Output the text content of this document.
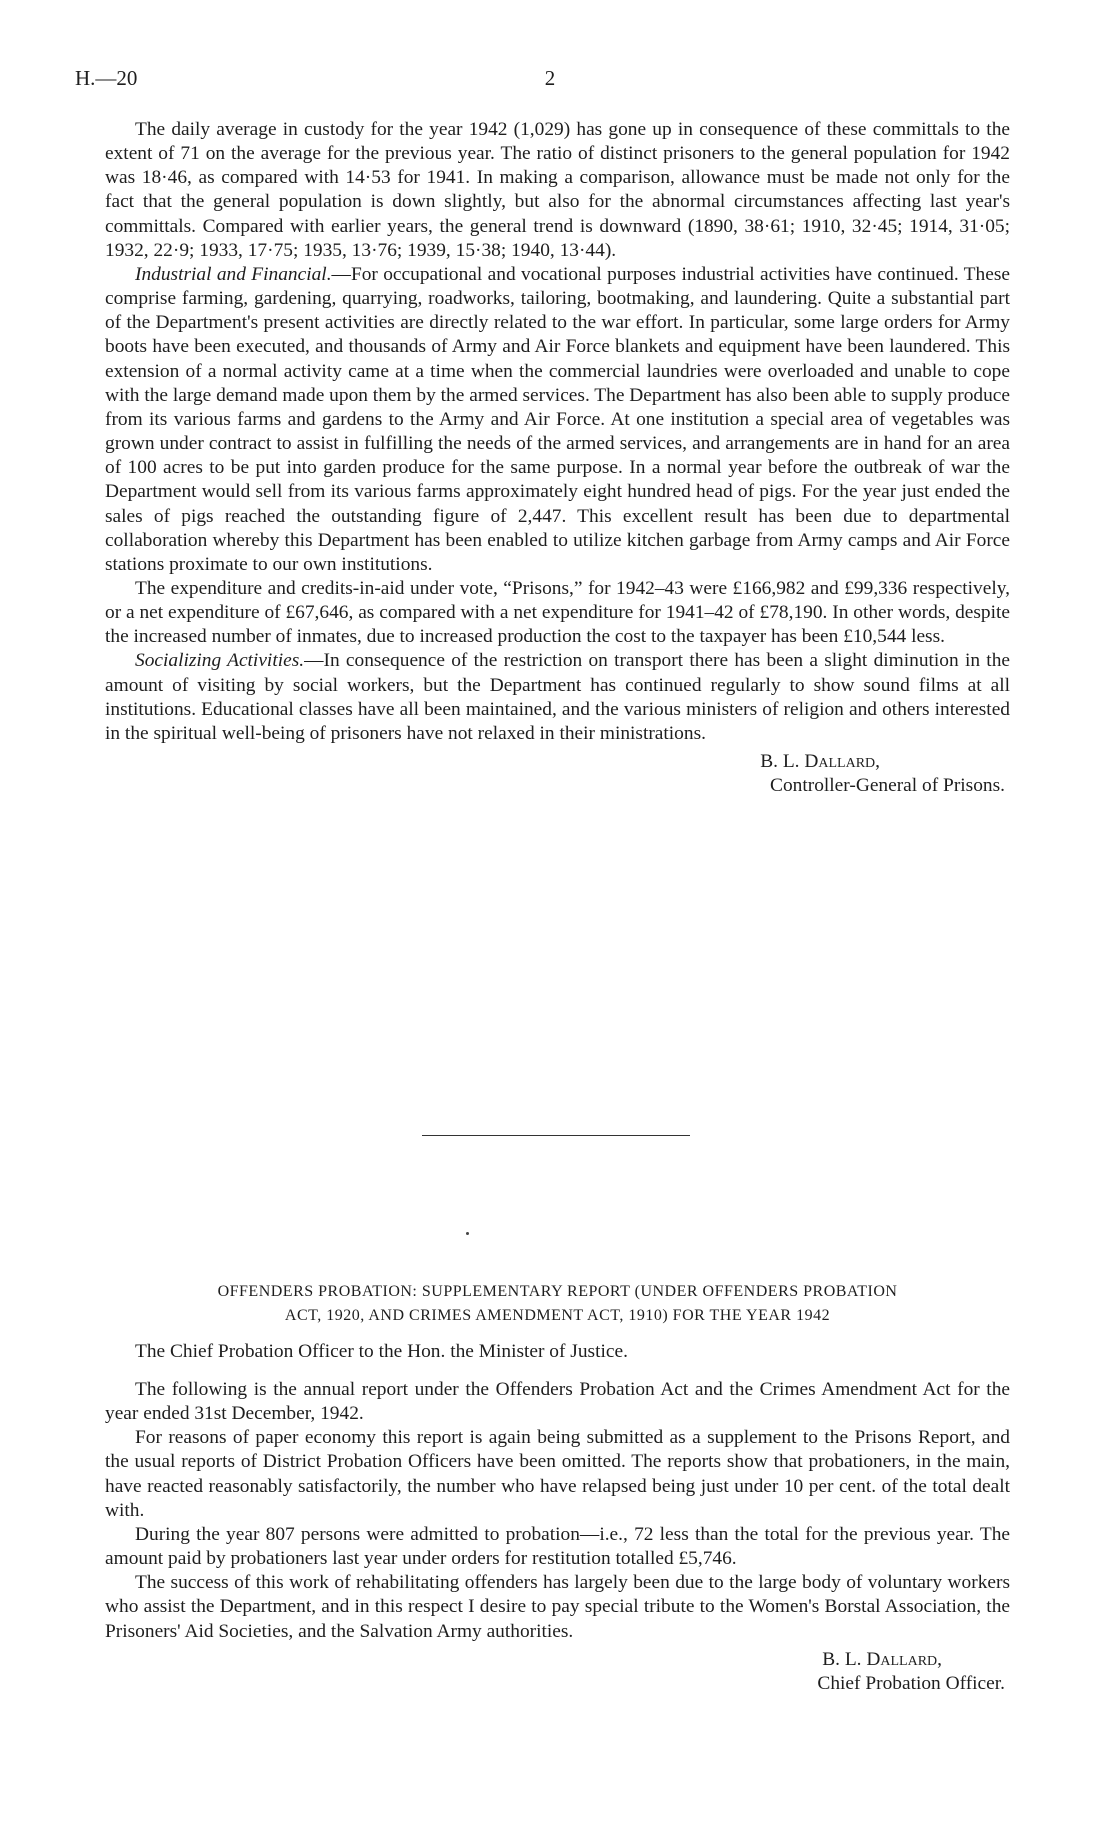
H.—20	2

The daily average in custody for the year 1942 (1,029) has gone up in consequence of these committals to the extent of 71 on the average for the previous year. The ratio of distinct prisoners to the general population for 1942 was 18·46, as compared with 14·53 for 1941. In making a comparison, allowance must be made not only for the fact that the general population is down slightly, but also for the abnormal circumstances affecting last year's committals. Compared with earlier years, the general trend is downward (1890, 38·61; 1910, 32·45; 1914, 31·05; 1932, 22·9; 1933, 17·75; 1935, 13·76; 1939, 15·38; 1940, 13·44).

Industrial and Financial.—For occupational and vocational purposes industrial activities have continued. These comprise farming, gardening, quarrying, roadworks, tailoring, bootmaking, and laundering. Quite a substantial part of the Department's present activities are directly related to the war effort. In particular, some large orders for Army boots have been executed, and thousands of Army and Air Force blankets and equipment have been laundered. This extension of a normal activity came at a time when the commercial laundries were overloaded and unable to cope with the large demand made upon them by the armed services. The Department has also been able to supply produce from its various farms and gardens to the Army and Air Force. At one institution a special area of vegetables was grown under contract to assist in fulfilling the needs of the armed services, and arrangements are in hand for an area of 100 acres to be put into garden produce for the same purpose. In a normal year before the outbreak of war the Department would sell from its various farms approximately eight hundred head of pigs. For the year just ended the sales of pigs reached the outstanding figure of 2,447. This excellent result has been due to departmental collaboration whereby this Department has been enabled to utilize kitchen garbage from Army camps and Air Force stations proximate to our own institutions.

The expenditure and credits-in-aid under vote, “Prisons,” for 1942–43 were £166,982 and £99,336 respectively, or a net expenditure of £67,646, as compared with a net expenditure for 1941–42 of £78,190. In other words, despite the increased number of inmates, due to increased production the cost to the taxpayer has been £10,544 less.

Socializing Activities.—In consequence of the restriction on transport there has been a slight diminution in the amount of visiting by social workers, but the Department has continued regularly to show sound films at all institutions. Educational classes have all been maintained, and the various ministers of religion and others interested in the spiritual well-being of prisoners have not relaxed in their ministrations.

B. L. Dallard,

Controller-General of Prisons.

OFFENDERS PROBATION: SUPPLEMENTARY REPORT (UNDER OFFENDERS PROBATION
ACT, 1920, AND CRIMES AMENDMENT ACT, 1910) FOR THE YEAR 1942
The Chief Probation Officer to the Hon. the Minister of Justice.

The following is the annual report under the Offenders Probation Act and the Crimes Amendment Act for the year ended 31st December, 1942.

For reasons of paper economy this report is again being submitted as a supplement to the Prisons Report, and the usual reports of District Probation Officers have been omitted. The reports show that probationers, in the main, have reacted reasonably satisfactorily, the number who have relapsed being just under 10 per cent. of the total dealt with.

During the year 807 persons were admitted to probation—i.e., 72 less than the total for the previous year. The amount paid by probationers last year under orders for restitution totalled £5,746.

The success of this work of rehabilitating offenders has largely been due to the large body of voluntary workers who assist the Department, and in this respect I desire to pay special tribute to the Women's Borstal Association, the Prisoners' Aid Societies, and the Salvation Army authorities.

B. L. Dallard,

Chief Probation Officer.
